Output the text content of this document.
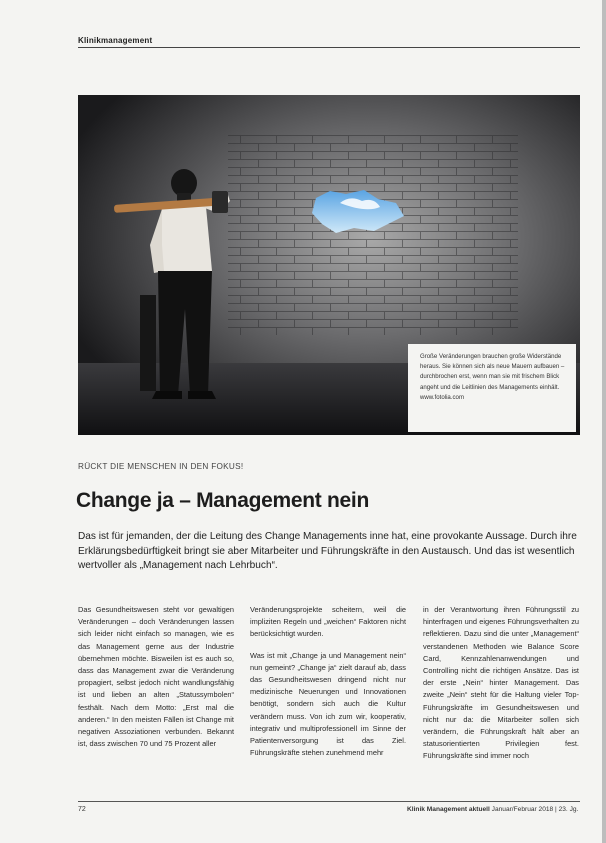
Klinikmanagement
Große Veränderungen brauchen große Widerstände heraus. Sie können sich als neue Mauern aufbauen – durchbrochen erst, wenn man sie mit frischem Blick angeht und die Leitlinien des Managements einhält. www.fotolia.com
RÜCKT DIE MENSCHEN IN DEN FOKUS!
Change ja – Management nein
Das ist für jemanden, der die Leitung des Change Managements inne hat, eine provokante Aussage. Durch ihre Erklärungsbedürftigkeit bringt sie aber Mitarbeiter und Führungskräfte in den Austausch. Und das ist wesentlich wertvoller als „Management nach Lehrbuch“.

Das Gesundheitswesen steht vor gewaltigen Veränderungen – doch Veränderungen lassen sich leider nicht einfach so managen, wie es das Management gerne aus der Industrie übernehmen möchte. Bisweilen ist es auch so, dass das Management zwar die Veränderung propagiert, selbst jedoch nicht wandlungsfähig ist und lieben an alten „Statussymbolen“ festhält. Nach dem Motto: „Erst mal die anderen.“ In den meisten Fällen ist Change mit negativen Assoziationen verbunden. Bekannt ist, dass zwischen 70 und 75 Prozent aller

Veränderungsprojekte scheitern, weil die impliziten Regeln und „weichen“ Faktoren nicht berücksichtigt wurden.

Was ist mit „Change ja und Management nein“ nun gemeint? „Change ja“ zielt darauf ab, dass das Gesundheitswesen dringend nicht nur medizinische Neuerungen und Innovationen benötigt, sondern sich auch die Kultur verändern muss. Von ich zum wir, kooperativ, integrativ und multiprofessionell im Sinne der Patientenversorgung ist das Ziel. Führungskräfte stehen zunehmend mehr

in der Verantwortung ihren Führungsstil zu hinterfragen und eigenes Führungsverhalten zu reflektieren. Dazu sind die unter „Management“ verstandenen Methoden wie Balance Score Card, Kennzahlenanwendungen und Controlling nicht die richtigen Ansätze. Das ist der erste „Nein“ hinter Management. Das zweite „Nein“ steht für die Haltung vieler Top-Führungskräfte im Gesundheitswesen und nicht nur da: die Mitarbeiter sollen sich verändern, die Führungskraft hält aber an statusorientierten Privilegien fest. Führungskräfte sind immer noch

72	Klinik Management aktuell Januar/Februar 2018 | 23. Jg.
